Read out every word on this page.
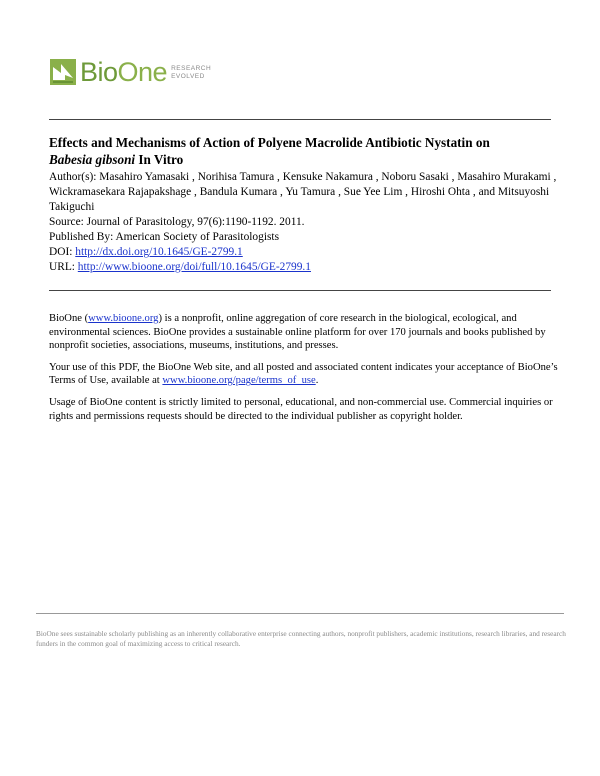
BioOne RESEARCH
EVOLVED

Effects and Mechanisms of Action of Polyene Macrolide Antibiotic Nystatin on
Babesia gibsoni In Vitro

Author(s): Masahiro Yamasaki , Norihisa Tamura , Kensuke Nakamura , Noboru Sasaki , Masahiro Murakami , Wickramasekara Rajapakshage , Bandula Kumara , Yu Tamura , Sue Yee Lim , Hiroshi Ohta , and Mitsuyoshi Takiguchi

Source: Journal of Parasitology, 97(6):1190-1192. 2011.

Published By: American Society of Parasitologists

DOI: http://dx.doi.org/10.1645/GE-2799.1

URL: http://www.bioone.org/doi/full/10.1645/GE-2799.1

BioOne (www.bioone.org) is a nonprofit, online aggregation of core research in the biological, ecological, and environmental sciences. BioOne provides a sustainable online platform for over 170 journals and books published by nonprofit societies, associations, museums, institutions, and presses.

Your use of this PDF, the BioOne Web site, and all posted and associated content indicates your acceptance of BioOne’s Terms of Use, available at www.bioone.org/page/terms_of_use.

Usage of BioOne content is strictly limited to personal, educational, and non-commercial use. Commercial inquiries or rights and permissions requests should be directed to the individual publisher as copyright holder.

BioOne sees sustainable scholarly publishing as an inherently collaborative enterprise connecting authors, nonprofit publishers, academic institutions, research libraries, and research funders in the common goal of maximizing access to critical research.
